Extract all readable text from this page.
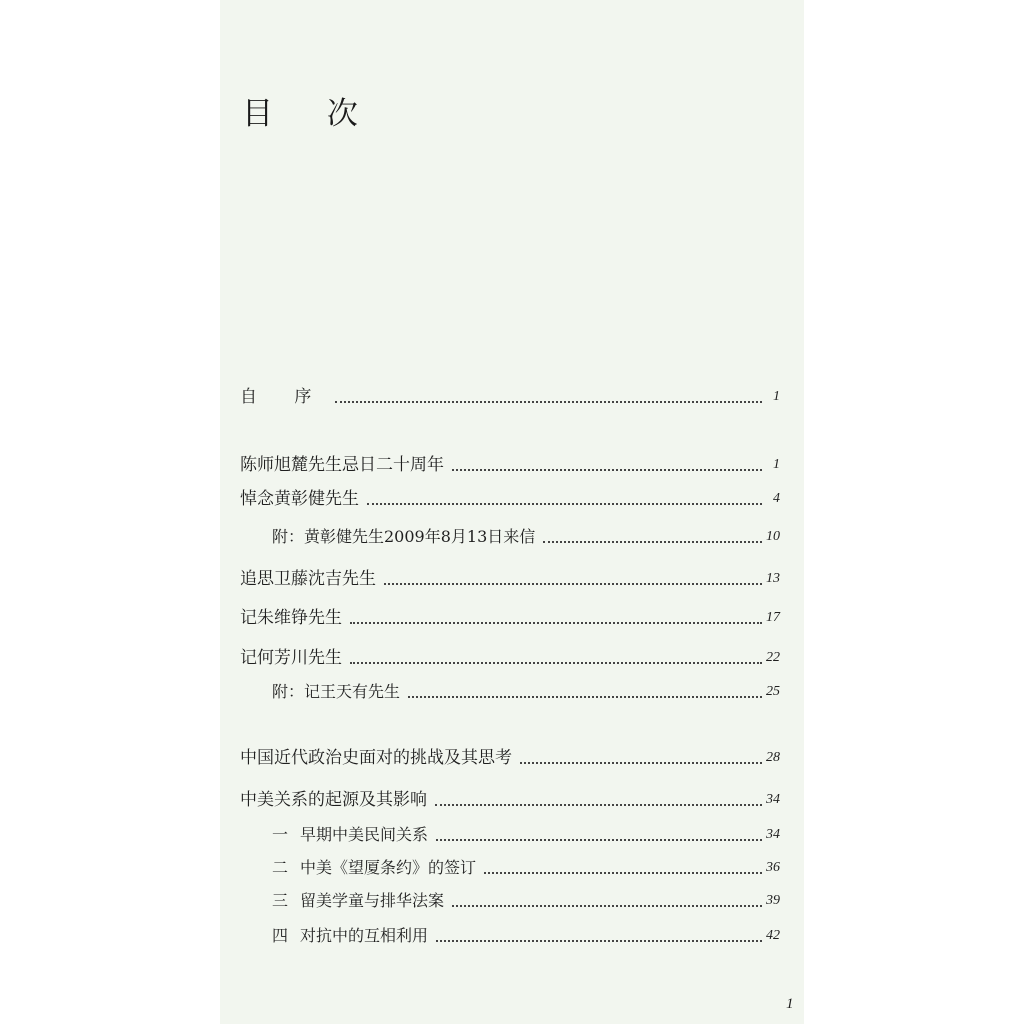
目 次
自 序	1
陈师旭麓先生忌日二十周年	1
悼念黄彰健先生	4
附：黄彰健先生2009年8月13日来信	10
追思卫藤沈吉先生	13
记朱维铮先生	17
记何芳川先生	22
附：记王天有先生	25
中国近代政治史面对的挑战及其思考	28
中美关系的起源及其影响	34
一 早期中美民间关系	34
二 中美《望厦条约》的签订	36
三 留美学童与排华法案	39
四 对抗中的互相利用	42
1
